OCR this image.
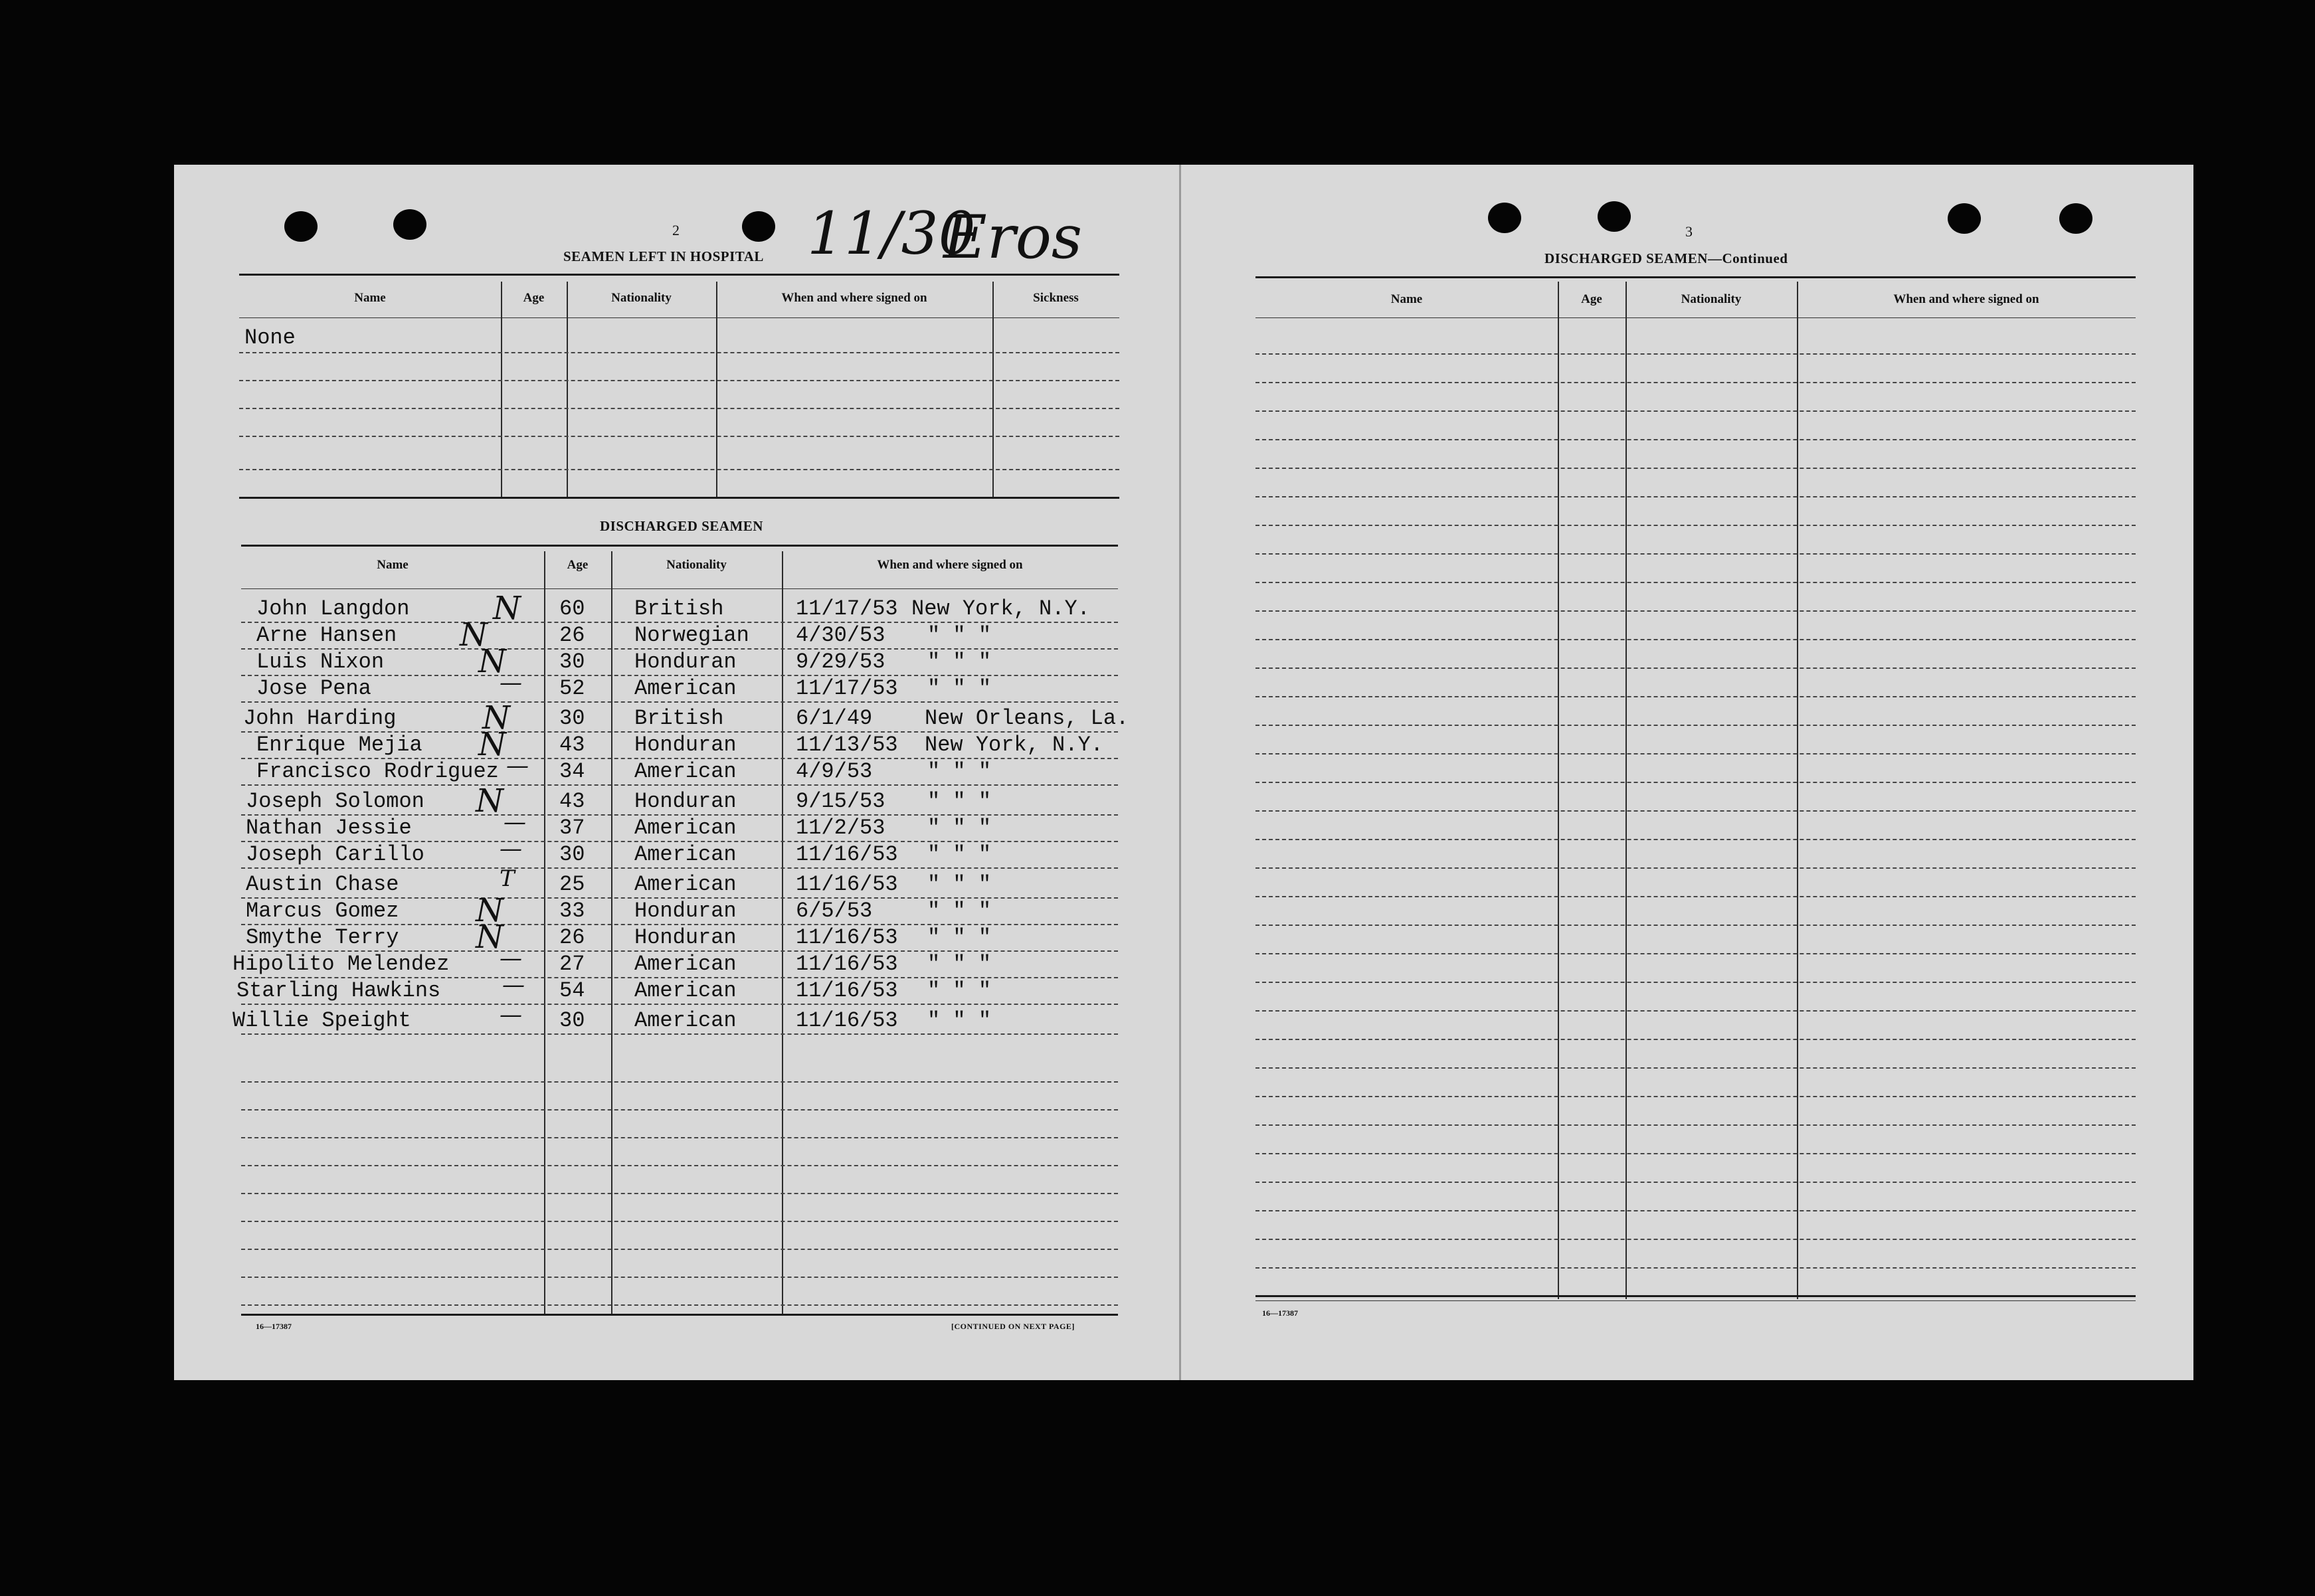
2 11/30
Eros
SEAMEN LEFT IN HOSPITAL
Name	Age	Nationality	When and where signed on	Sickness
None
DISCHARGED SEAMEN
Name	Age	Nationality	When and where signed on
John Langdon	N 60 British	11/17/53 New York, N.Y.
Arne Hansen N	26 Norwegian 4/30/53 " " "
Luis Nixon	N	30 Honduran	9/29/53 " " "
Jose Pena	— 52 American	11/17/53 " " "
John Harding	N 30 British	6/1/49 New Orleans, La.
Enrique Mejia N	43 Honduran	11/13/53 New York, N.Y.
Francisco Rodriguez — 34 American	4/9/53	" " "
Joseph Solomon N	43 Honduran	9/15/53 " " "
Nathan Jessie	— 37 American	11/2/53 " " "
Joseph Carillo	— 30 American	11/16/53 " " "
Austin Chase	T 25 American	11/16/53 " " "
Marcus Gomez N	33 Honduran	6/5/53	" " "
Smythe Terry N	26 Honduran	11/16/53 " " "
Hipolito Melendez — 27 American	11/16/53 " " "
Starling Hawkins	— 54 American	11/16/53 " " "
Willie Speight	— 30 American	11/16/53 " " "
16—17387	[CONTINUED ON NEXT PAGE]
3
DISCHARGED SEAMEN—Continued
Name	Age	Nationality	When and where signed on
16—17387
